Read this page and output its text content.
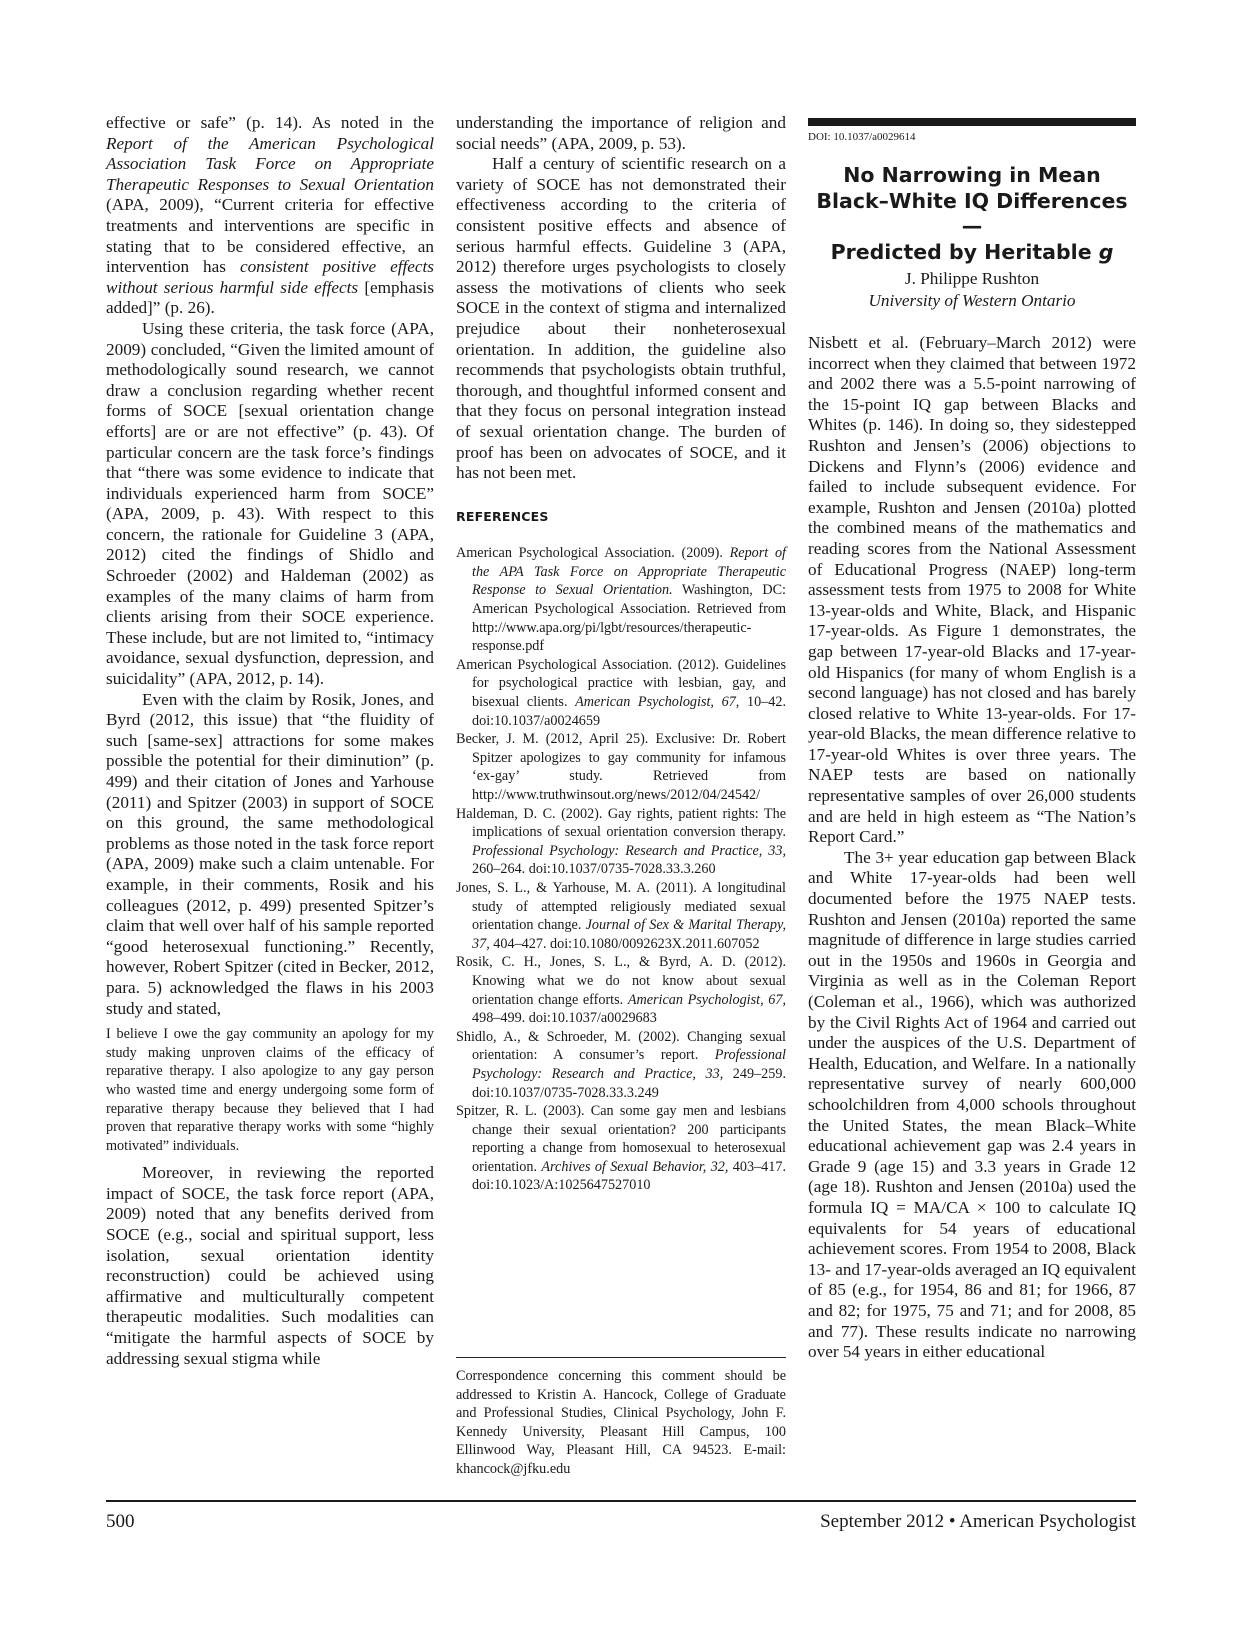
effective or safe” (p. 14). As noted in the Report of the American Psychological Association Task Force on Appropriate Therapeutic Responses to Sexual Orientation (APA, 2009), “Current criteria for effective treatments and interventions are specific in stating that to be considered effective, an intervention has consistent positive effects without serious harmful side effects [emphasis added]” (p. 26).

Using these criteria, the task force (APA, 2009) concluded, “Given the limited amount of methodologically sound research, we cannot draw a conclusion regarding whether recent forms of SOCE [sexual orientation change efforts] are or are not effective” (p. 43). Of particular concern are the task force’s findings that “there was some evidence to indicate that individuals experienced harm from SOCE” (APA, 2009, p. 43). With respect to this concern, the rationale for Guideline 3 (APA, 2012) cited the findings of Shidlo and Schroeder (2002) and Haldeman (2002) as examples of the many claims of harm from clients arising from their SOCE experience. These include, but are not limited to, “intimacy avoidance, sexual dysfunction, depression, and suicidality” (APA, 2012, p. 14).

Even with the claim by Rosik, Jones, and Byrd (2012, this issue) that “the fluidity of such [same-sex] attractions for some makes possible the potential for their diminution” (p. 499) and their citation of Jones and Yarhouse (2011) and Spitzer (2003) in support of SOCE on this ground, the same methodological problems as those noted in the task force report (APA, 2009) make such a claim untenable. For example, in their comments, Rosik and his colleagues (2012, p. 499) presented Spitzer’s claim that well over half of his sample reported “good heterosexual functioning.” Recently, however, Robert Spitzer (cited in Becker, 2012, para. 5) acknowledged the flaws in his 2003 study and stated,

I believe I owe the gay community an apology for my study making unproven claims of the efficacy of reparative therapy. I also apologize to any gay person who wasted time and energy undergoing some form of reparative therapy because they believed that I had proven that reparative therapy works with some “highly motivated” individuals.

Moreover, in reviewing the reported impact of SOCE, the task force report (APA, 2009) noted that any benefits derived from SOCE (e.g., social and spiritual support, less isolation, sexual orientation identity reconstruction) could be achieved using affirmative and multiculturally competent therapeutic modalities. Such modalities can “mitigate the harmful aspects of SOCE by addressing sexual stigma while

understanding the importance of religion and social needs” (APA, 2009, p. 53).

Half a century of scientific research on a variety of SOCE has not demonstrated their effectiveness according to the criteria of consistent positive effects and absence of serious harmful effects. Guideline 3 (APA, 2012) therefore urges psychologists to closely assess the motivations of clients who seek SOCE in the context of stigma and internalized prejudice about their nonheterosexual orientation. In addition, the guideline also recommends that psychologists obtain truthful, thorough, and thoughtful informed consent and that they focus on personal integration instead of sexual orientation change. The burden of proof has been on advocates of SOCE, and it has not been met.

REFERENCES

American Psychological Association. (2009). Report of the APA Task Force on Appropriate Therapeutic Response to Sexual Orientation. Washington, DC: American Psychological Association. Retrieved from http://www.apa.org/pi/lgbt/resources/therapeutic-response.pdf

American Psychological Association. (2012). Guidelines for psychological practice with lesbian, gay, and bisexual clients. American Psychologist, 67, 10–42. doi:10.1037/a0024659

Becker, J. M. (2012, April 25). Exclusive: Dr. Robert Spitzer apologizes to gay community for infamous ‘ex-gay’ study. Retrieved from http://www.truthwinsout.org/news/2012/04/24542/

Haldeman, D. C. (2002). Gay rights, patient rights: The implications of sexual orientation conversion therapy. Professional Psychology: Research and Practice, 33, 260–264. doi:10.1037/0735-7028.33.3.260

Jones, S. L., & Yarhouse, M. A. (2011). A longitudinal study of attempted religiously mediated sexual orientation change. Journal of Sex & Marital Therapy, 37, 404–427. doi:10.1080/0092623X.2011.607052

Rosik, C. H., Jones, S. L., & Byrd, A. D. (2012). Knowing what we do not know about sexual orientation change efforts. American Psychologist, 67, 498–499. doi:10.1037/a0029683

Shidlo, A., & Schroeder, M. (2002). Changing sexual orientation: A consumer’s report. Professional Psychology: Research and Practice, 33, 249–259. doi:10.1037/0735-7028.33.3.249

Spitzer, R. L. (2003). Can some gay men and lesbians change their sexual orientation? 200 participants reporting a change from homosexual to heterosexual orientation. Archives of Sexual Behavior, 32, 403–417. doi:10.1023/A:1025647527010

Correspondence concerning this comment should be addressed to Kristin A. Hancock, College of Graduate and Professional Studies, Clinical Psychology, John F. Kennedy University, Pleasant Hill Campus, 100 Ellinwood Way, Pleasant Hill, CA 94523. E-mail: khancock@jfku.edu
DOI: 10.1037/a0029614
No Narrowing in Mean
Black–White IQ Differences—
Predicted by Heritable g
J. Philippe Rushton
University of Western Ontario

Nisbett et al. (February–March 2012) were incorrect when they claimed that between 1972 and 2002 there was a 5.5-point narrowing of the 15-point IQ gap between Blacks and Whites (p. 146). In doing so, they sidestepped Rushton and Jensen’s (2006) objections to Dickens and Flynn’s (2006) evidence and failed to include subsequent evidence. For example, Rushton and Jensen (2010a) plotted the combined means of the mathematics and reading scores from the National Assessment of Educational Progress (NAEP) long-term assessment tests from 1975 to 2008 for White 13-year-olds and White, Black, and Hispanic 17-year-olds. As Figure 1 demonstrates, the gap between 17-year-old Blacks and 17-year-old Hispanics (for many of whom English is a second language) has not closed and has barely closed relative to White 13-year-olds. For 17-year-old Blacks, the mean difference relative to 17-year-old Whites is over three years. The NAEP tests are based on nationally representative samples of over 26,000 students and are held in high esteem as “The Nation’s Report Card.”

The 3+ year education gap between Black and White 17-year-olds had been well documented before the 1975 NAEP tests. Rushton and Jensen (2010a) reported the same magnitude of difference in large studies carried out in the 1950s and 1960s in Georgia and Virginia as well as in the Coleman Report (Coleman et al., 1966), which was authorized by the Civil Rights Act of 1964 and carried out under the auspices of the U.S. Department of Health, Education, and Welfare. In a nationally representative survey of nearly 600,000 schoolchildren from 4,000 schools throughout the United States, the mean Black–White educational achievement gap was 2.4 years in Grade 9 (age 15) and 3.3 years in Grade 12 (age 18). Rushton and Jensen (2010a) used the formula IQ = MA/CA × 100 to calculate IQ equivalents for 54 years of educational achievement scores. From 1954 to 2008, Black 13- and 17-year-olds averaged an IQ equivalent of 85 (e.g., for 1954, 86 and 81; for 1966, 87 and 82; for 1975, 75 and 71; and for 2008, 85 and 77). These results indicate no narrowing over 54 years in either educational

500	September 2012 • American Psychologist
